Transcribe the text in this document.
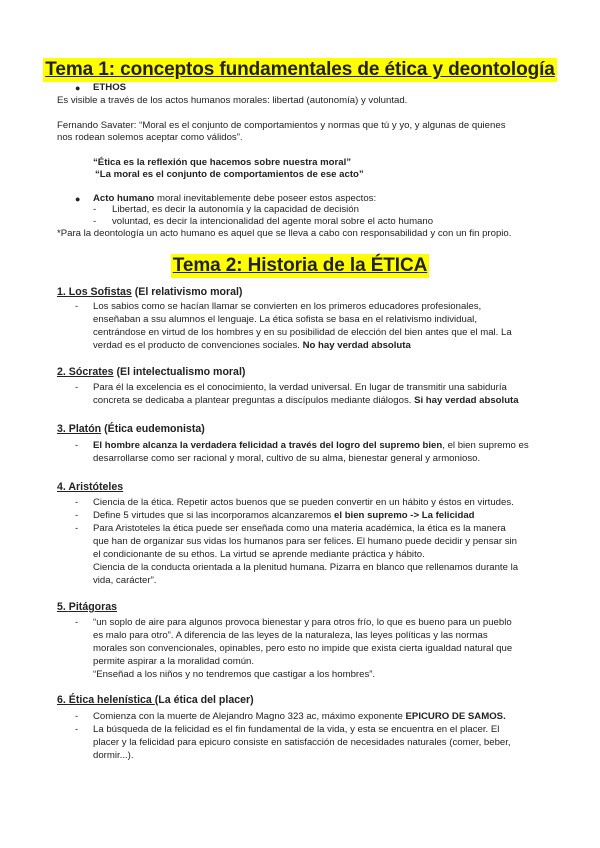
Tema 1: conceptos fundamentales de ética y deontología
● ETHOS
Es visible a través de los actos humanos morales: libertad (autonomía) y voluntad.
Fernando Savater: “Moral es el conjunto de comportamientos y normas que tú y yo, y algunas de quienes
nos rodean solemos aceptar como válidos”.
“Ética es la reflexión que hacemos sobre nuestra moral”
“La moral es el conjunto de comportamientos de ese acto”
● Acto humano moral inevitablemente debe poseer estos aspectos:
- Libertad, es decir la autonomía y la capacidad de decisión
- voluntad, es decir la intencionalidad del agente moral sobre el acto humano
*Para la deontología un acto humano es aquel que se lleva a cabo con responsabilidad y con un fin propio.
Tema 2: Historia de la ÉTICA
1. Los Sofistas (El relativismo moral)
- Los sabios como se hacían llamar se convierten en los primeros educadores profesionales,
enseñaban a ssu alumnos el lenguaje. La ética sofista se basa en el relativismo individual,
centrándose en virtud de los hombres y en su posibilidad de elección del bien antes que el mal. La
verdad es el producto de convenciones sociales. No hay verdad absoluta
2. Sócrates (El intelectualismo moral)
- Para él la excelencia es el conocimiento, la verdad universal. En lugar de transmitir una sabiduría
concreta se dedicaba a plantear preguntas a discípulos mediante diálogos. Si hay verdad absoluta
3. Platón (Ética eudemonista)
- El hombre alcanza la verdadera felicidad a través del logro del supremo bien, el bien supremo es
desarrollarse como ser racional y moral, cultivo de su alma, bienestar general y armonioso.
4. Aristóteles
- Ciencia de la ética. Repetir actos buenos que se pueden convertir en un hábito y éstos en virtudes.
- Define 5 virtudes que si las incorporamos alcanzaremos el bien supremo -> La felicidad
- Para Aristoteles la ética puede ser enseñada como una materia académica, la ética es la manera
que han de organizar sus vidas los humanos para ser felices. El humano puede decidir y pensar sin
el condicionante de su ethos. La virtud se aprende mediante práctica y hábito.
Ciencia de la conducta orientada a la plenitud humana. Pizarra en blanco que rellenamos durante la
vida, carácter”.
5. Pitágoras
- “un soplo de aire para algunos provoca bienestar y para otros frío, lo que es bueno para un pueblo
es malo para otro”. A diferencia de las leyes de la naturaleza, las leyes políticas y las normas
morales son convencionales, opinables, pero esto no impide que exista cierta igualdad natural que
permite aspirar a la moralidad común.
“Enseñad a los niños y no tendremos que castigar a los hombres”.
6. Ética helenística (La ética del placer)
- Comienza con la muerte de Alejandro Magno 323 ac, máximo exponente EPICURO DE SAMOS.
- La búsqueda de la felicidad es el fin fundamental de la vida, y esta se encuentra en el placer. El
placer y la felicidad para epicuro consiste en satisfacción de necesidades naturales (comer, beber,
dormir...).
